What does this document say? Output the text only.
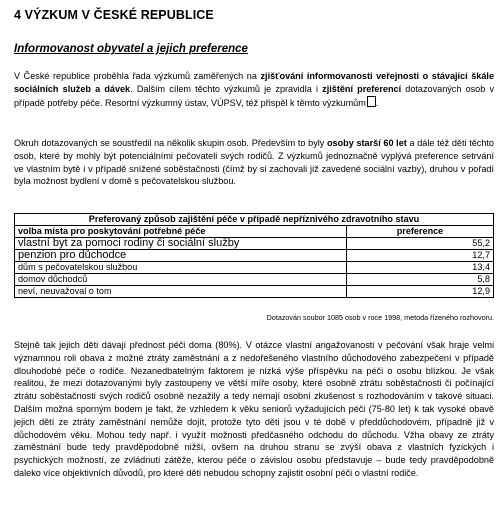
4 VÝZKUM V ČESKÉ REPUBLICE
Informovanost obyvatel a jejich preference

V České republice proběhla řada výzkumů zaměřených na zjišťování informovanosti veřejnosti o stávající škále sociálních služeb a dávek. Dalším cílem těchto výzkumů je zpravidla i zjištění preferencí dotazovaných osob v případě potřeby péče. Resortní výzkumný ústav, VÚPSV, též přispěl k těmto výzkumům .

Okruh dotazovaných se soustředil na několik skupin osob. Především to byly osoby starší 60 let a dále též děti těchto osob, které by mohly být potenciálními pečovateli svých rodičů. Z výzkumů jednoznačně vyplývá preference setrvání ve vlastním bytě i v případě snížené soběstačnosti (čímž by si zachovali již zavedené sociální vazby), druhou v pořadí byla možnost bydlení v domě s pečovatelskou službou.

Preferovaný způsob zajištění péče v případě nepříznivého zdravotního stavu	
volba místa pro poskytování potřebné péče	preference
vlastní byt za pomoci rodiny či sociální služby	55,2
penzion pro důchodce	12,7
dům s pečovatelskou službou	13,4
domov důchodců	5,8
neví, neuvažoval o tom	12,9
Dotazován soubor 1085 osob v roce 1998, metoda řízeného rozhovoru.

Stejně tak jejich děti dávají přednost péči doma (80%). V otázce vlastní angažovanosti v pečování však hraje velmi významnou roli obava z možné ztráty zaměstnání a z nedořešeného vlastního důchodového zabezpečení v případě dlouhodobé péče o rodiče. Nezanedbatelným faktorem je nízká výše příspěvku na péči o osobu blízkou. Je však realitou, že mezi dotazovanými byly zastoupeny ve větší míře osoby, které osobně ztrátu soběstačnosti či počínající ztrátu soběstačnosti svých rodičů osobně nezažily a tedy nemají osobní zkušenost s rozhodováním v takové situaci. Dalším možná sporným bodem je fakt, že vzhledem k věku seniorů vyžadujících péči (75-80 let) k tak vysoké obavě jejich dětí ze ztráty zaměstnání nemůže dojít, protože tyto děti jsou v té době v předdůchodovém, případně již v důchodovém věku. Mohou tedy např. i využít možnosti předčasného odchodu do důchodu. Vžha obavy ze ztráty zaměstnání bude tedy pravděpodobně nižší, ovšem na druhou stranu se zvýší obava z vlastních fyzických i psychických možností, ze zvládnutí zátěže, kterou péče o závislou osobu představuje – bude tedy pravděpodobně daleko více objektivních důvodů, pro které děti nebudou schopny zajistit osobní péči o vlastní rodiče.
